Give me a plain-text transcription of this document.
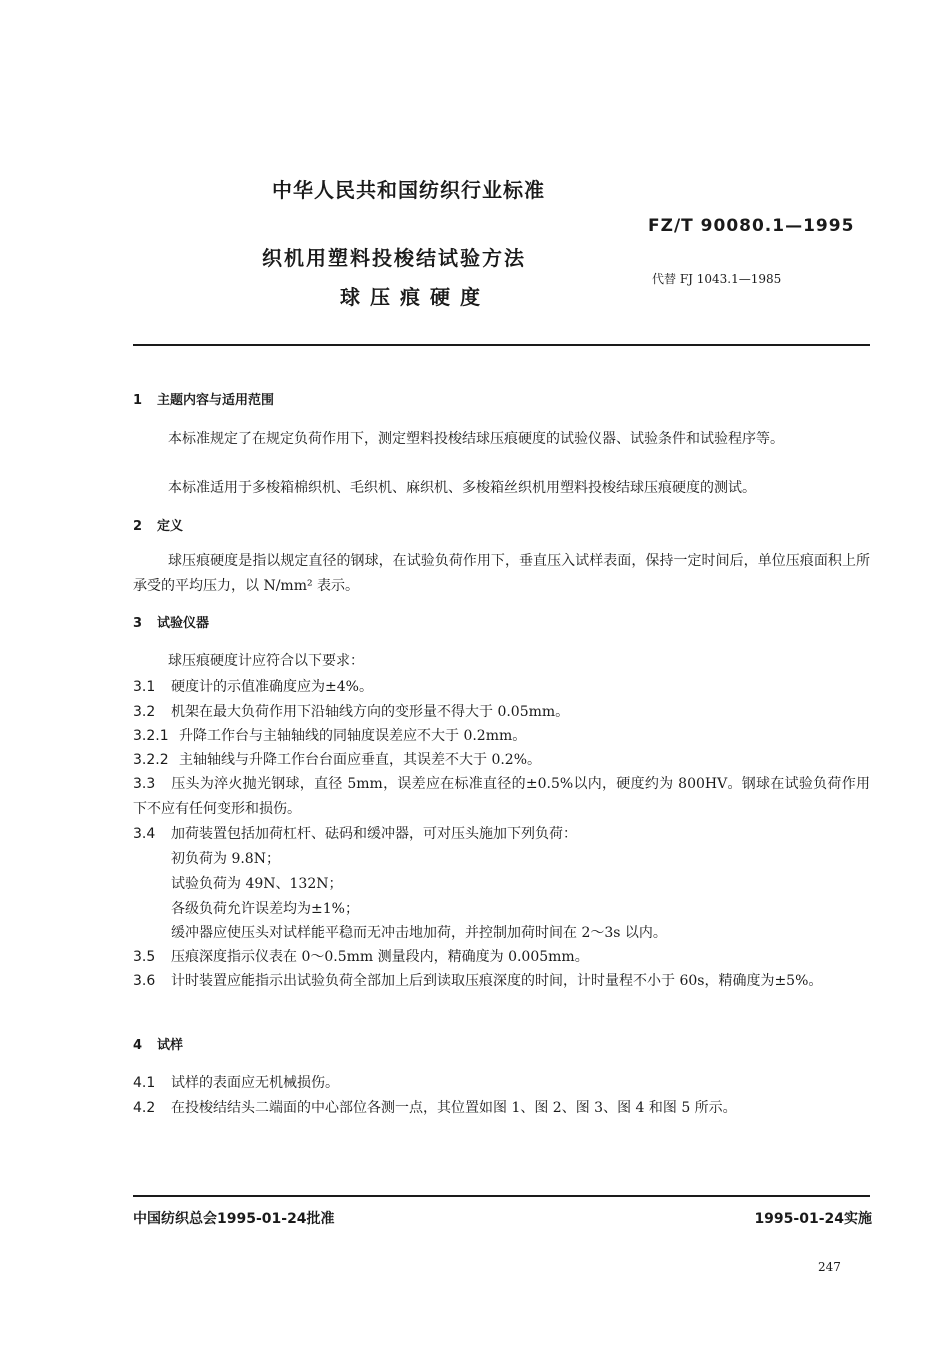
中华人民共和国纺织行业标准
FZ/T 90080.1—1995
织机用塑料投梭结试验方法
代替 FJ 1043.1—1985
球压痕硬度
1 主题内容与适用范围
本标准规定了在规定负荷作用下，测定塑料投梭结球压痕硬度的试验仪器、试验条件和试验程序等。
本标准适用于多梭箱棉织机、毛织机、麻织机、多梭箱丝织机用塑料投梭结球压痕硬度的测试。
2 定义
球压痕硬度是指以规定直径的钢球，在试验负荷作用下，垂直压入试样表面，保持一定时间后，单位压痕面积上所承受的平均压力，以 N/mm² 表示。
3 试验仪器
球压痕硬度计应符合以下要求：
3.1 硬度计的示值准确度应为±4%。
3.2 机架在最大负荷作用下沿轴线方向的变形量不得大于 0.05mm。
3.2.1 升降工作台与主轴轴线的同轴度误差应不大于 0.2mm。
3.2.2 主轴轴线与升降工作台台面应垂直，其误差不大于 0.2%。
3.3 压头为淬火抛光钢球，直径 5mm，误差应在标准直径的±0.5%以内，硬度约为 800HV。钢球在试验负荷作用下不应有任何变形和损伤。
3.4 加荷装置包括加荷杠杆、砝码和缓冲器，可对压头施加下列负荷：
初负荷为 9.8N；
试验负荷为 49N、132N；
各级负荷允许误差均为±1%；
缓冲器应使压头对试样能平稳而无冲击地加荷，并控制加荷时间在 2～3s 以内。
3.5 压痕深度指示仪表在 0～0.5mm 测量段内，精确度为 0.005mm。
3.6 计时装置应能指示出试验负荷全部加上后到读取压痕深度的时间，计时量程不小于 60s，精确度为±5%。
4 试样
4.1 试样的表面应无机械损伤。
4.2 在投梭结结头二端面的中心部位各测一点，其位置如图 1、图 2、图 3、图 4 和图 5 所示。
中国纺织总会1995-01-24批准	1995-01-24实施
247
